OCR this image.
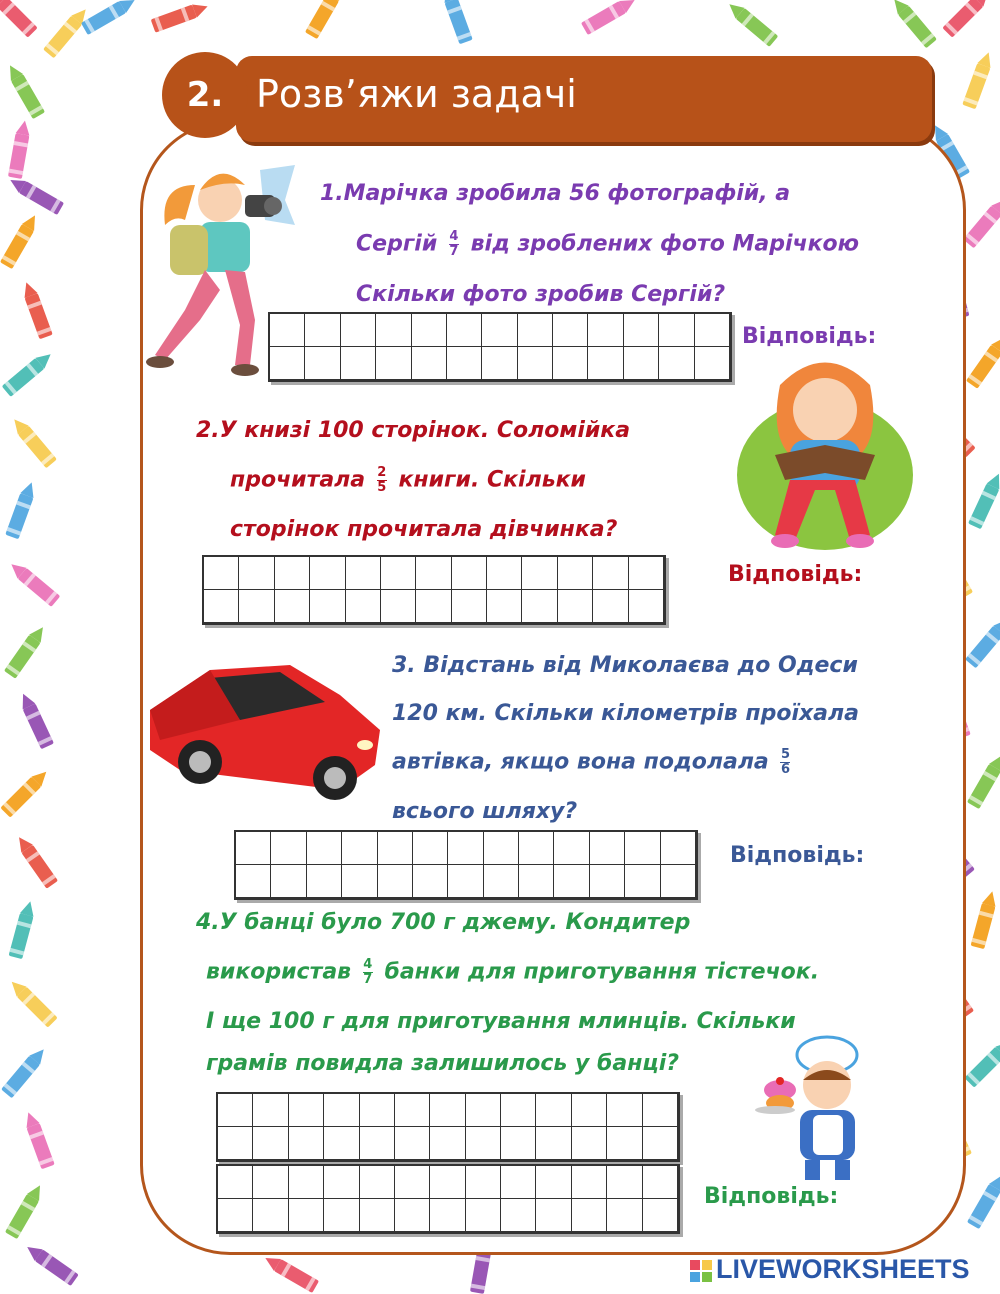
2. Розв’яжи задачі
1.Марічка зробила 56 фотографій, а
Сергій $\frac{4}{7}$ від зроблених фото Марічкою
Скільки фото зробив Сергій?
Відповідь:
2.У книзі 100 сторінок. Соломійка
прочитала $\frac{2}{5}$ книги. Скільки
сторінок прочитала дівчинка?
Відповідь:
3. Відстань від Миколаєва до Одеси
120 км. Скільки кілометрів проїхала
автівка, якщо вона подолала $\frac{5}{6}$
всього шляху?
Відповідь:
4.У банці було 700 г джему. Кондитер
використав $\frac{4}{7}$ банки для приготування тістечок.
І ще 100 г для приготування млинців. Скільки
грамів повидла залишилось у банці?
Відповідь:
LIVEWORKSHEETS
